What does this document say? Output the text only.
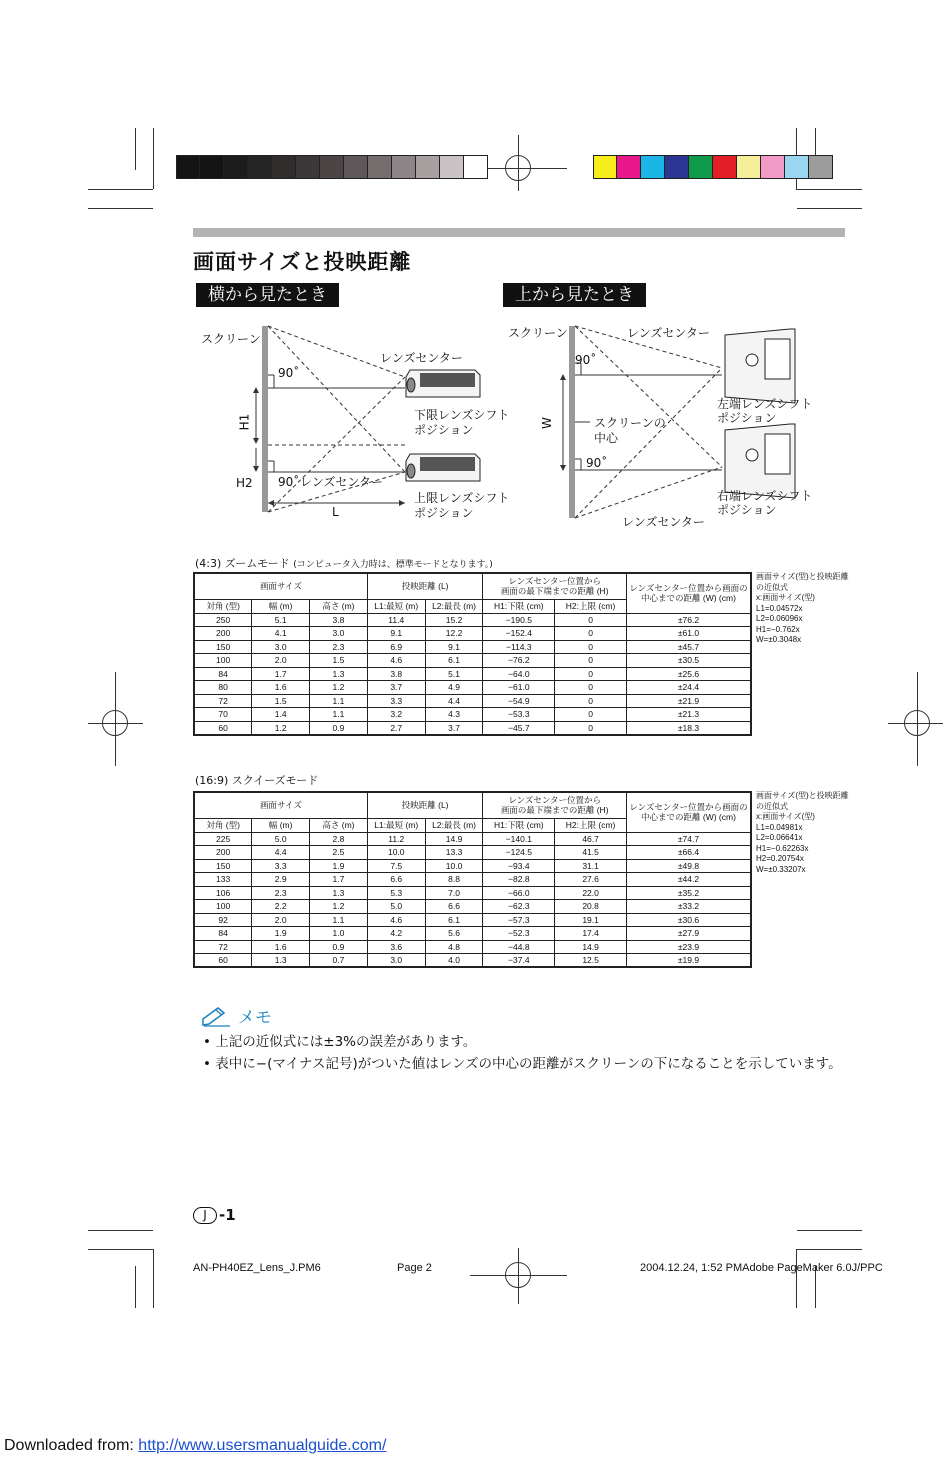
画面サイズと投映距離
横から見たとき	上から見たとき
スクリーン
90˚
レンズセンター
H1	下限レンズシフト
ポジション
H2 90˚ レンズセンター
上限レンズシフト
ポジション
L
スクリーン
90˚
レンズセンター
左端レンズシフト
ポジション
W	スクリーンの
中心
90˚
右端レンズシフト
ポジション
レンズセンター
(4:3) ズームモード (コンピュータ入力時は、標準モードとなります。)
画面サイズ			投映距離 (L)		レンズセンター位置から
画面の最下端までの距離 (H)		レンズセンター位置から画面の
中心までの距離 (W) (cm)
対角 (型)	幅 (m)	高さ (m)	L1:最短 (m)	L2:最長 (m)	H1:下限 (cm)	H2:上限 (cm)	
250	5.1	3.8	11.4	15.2	−190.5	0	±76.2
200	4.1	3.0	9.1	12.2	−152.4	0	±61.0
150	3.0	2.3	6.9	9.1	−114.3	0	±45.7
100	2.0	1.5	4.6	6.1	−76.2	0	±30.5
84	1.7	1.3	3.8	5.1	−64.0	0	±25.6
80	1.6	1.2	3.7	4.9	−61.0	0	±24.4
72	1.5	1.1	3.3	4.4	−54.9	0	±21.9
70	1.4	1.1	3.2	4.3	−53.3	0	±21.3
60	1.2	0.9	2.7	3.7	−45.7	0	±18.3
画面サイズ(型)と投映距離
の近似式
x:画面サイズ(型)
L1=0.04572x
L2=0.06096x
H1=−0.762x
W=±0.3048x
(16:9) スクイーズモード
画面サイズ			投映距離 (L)		レンズセンター位置から
画面の最下端までの距離 (H)		レンズセンター位置から画面の
中心までの距離 (W) (cm)
対角 (型)	幅 (m)	高さ (m)	L1:最短 (m)	L2:最長 (m)	H1:下限 (cm)	H2:上限 (cm)	
225	5.0	2.8	11.2	14.9	−140.1	46.7	±74.7
200	4.4	2.5	10.0	13.3	−124.5	41.5	±66.4
150	3.3	1.9	7.5	10.0	−93.4	31.1	±49.8
133	2.9	1.7	6.6	8.8	−82.8	27.6	±44.2
106	2.3	1.3	5.3	7.0	−66.0	22.0	±35.2
100	2.2	1.2	5.0	6.6	−62.3	20.8	±33.2
92	2.0	1.1	4.6	6.1	−57.3	19.1	±30.6
84	1.9	1.0	4.2	5.6	−52.3	17.4	±27.9
72	1.6	0.9	3.6	4.8	−44.8	14.9	±23.9
60	1.3	0.7	3.0	4.0	−37.4	12.5	±19.9
画面サイズ(型)と投映距離
の近似式
x:画面サイズ(型)
L1=0.04981x
L2=0.06641x
H1=−0.62263x
H2=0.20754x
W=±0.33207x
メモ
• 上記の近似式には±3%の誤差があります。
• 表中に−(マイナス記号)がついた値はレンズの中心の距離がスクリーンの下になることを示しています。
J -1
AN-PH40EZ_Lens_J.PM6	Page 2	2004.12.24, 1:52 PMAdobe PageMaker 6.0J/PPC
Downloaded from: http://www.usersmanualguide.com/
